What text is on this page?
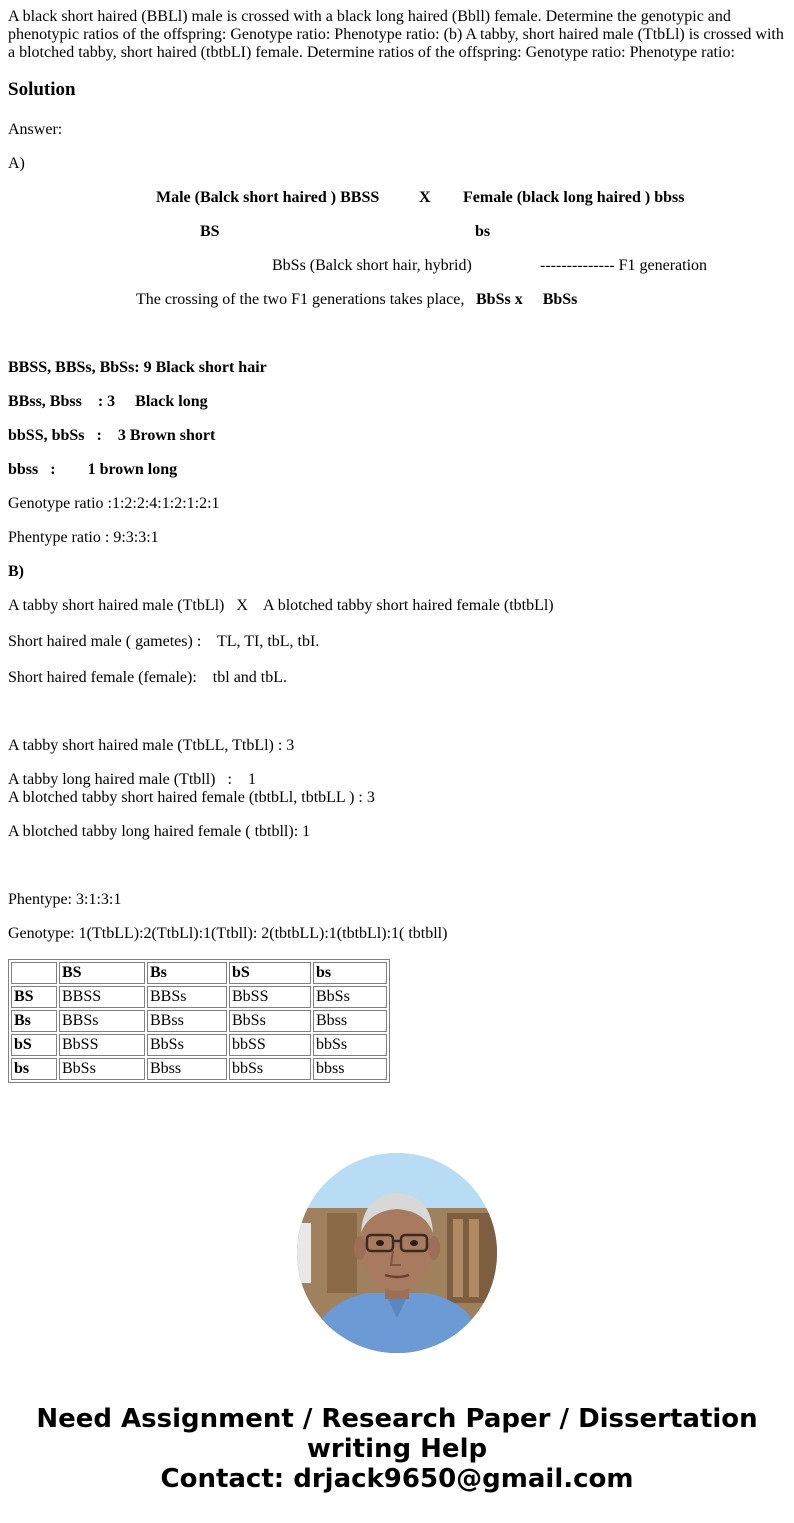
A black short haired (BBLl) male is crossed with a black long haired (Bbll) female. Determine the genotypic and phenotypic ratios of the offspring: Genotype ratio: Phenotype ratio: (b) A tabby, short haired male (TtbLl) is crossed with a blotched tabby, short haired (tbtbLI) female. Determine ratios of the offspring: Genotype ratio: Phenotype ratio:
Solution
Answer:
A)
Male (Balck short haired ) BBSS X Female (black long haired ) bbss
BS	bs
BbSs (Balck short hair, hybrid)	-------------- F1 generation
The crossing of the two F1 generations takes place, BbSs x     BbSs
BBSS, BBSs, BbSs: 9 Black short hair
BBss, Bbss    : 3     Black long
bbSS, bbSs   :    3 Brown short
bbss   :        1 brown long
Genotype ratio :1:2:2:4:1:2:1:2:1
Phentype ratio : 9:3:3:1
B)
A tabby short haired male (TtbLl)   X    A blotched tabby short haired female (tbtbLl)
Short haired male ( gametes) :    TL, TI, tbL, tbI.
Short haired female (female):    tbl and tbL.
A tabby short haired male (TtbLL, TtbLl) : 3
A tabby long haired male (Ttbll)   :    1
A blotched tabby short haired female (tbtbLl, tbtbLL ) : 3
A blotched tabby long haired female ( tbtbll): 1
Phentype: 3:1:3:1
Genotype: 1(TtbLL):2(TtbLl):1(Ttbll): 2(tbtbLL):1(tbtbLl):1( tbtbll)
	BS	Bs	bS	bs
BS	BBSS	BBSs	BbSS	BbSs
Bs	BBSs	BBss	BbSs	Bbss
bS	BbSS	BbSs	bbSS	bbSs
bs	BbSs	Bbss	bbSs	bbss
Need Assignment / Research Paper / Dissertation
writing Help
Contact: drjack9650@gmail.com
